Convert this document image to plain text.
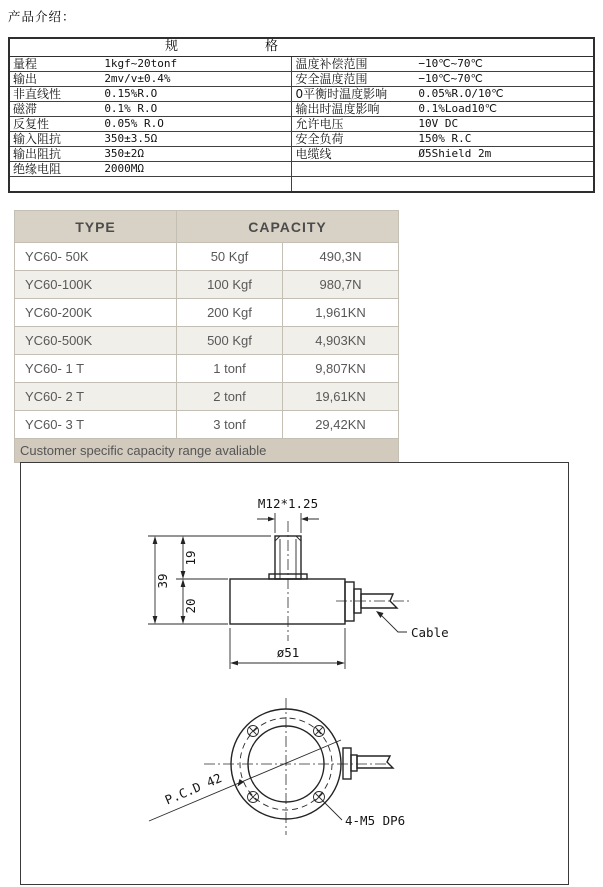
产品介绍：
规 格			

量程	1kgf~20tonf	温度补偿范围	−10℃~70℃
输出	2mv/v±0.4%	安全温度范围	−10℃~70℃
非直线性	0.15%R.O	0平衡时温度影响	0.05%R.O/10℃
磁滞	0.1% R.O	输出时温度影响	0.1%Load10℃
反复性	0.05% R.O	允许电压	10V DC
输入阻抗	350±3.5Ω	安全负荷	150% R.C
输出阻抗	350±2Ω	电缆线	Ø5Shield 2m
绝缘电阻	2000MΩ		

TYPE	CAPACITY	
YC60- 50K	50 Kgf	490,3N
YC60-100K	100 Kgf	980,7N
YC60-200K	200 Kgf	1,961KN
YC60-500K	500 Kgf	4,903KN
YC60- 1 T	1 tonf	9,807KN
YC60- 2 T	2 tonf	19,61KN
YC60- 3 T	3 tonf	29,42KN
Customer specific capacity range avaliable		
M12*1.25
39
19
20
ø51
Cable
P.C.D 42
4-M5 DP6
